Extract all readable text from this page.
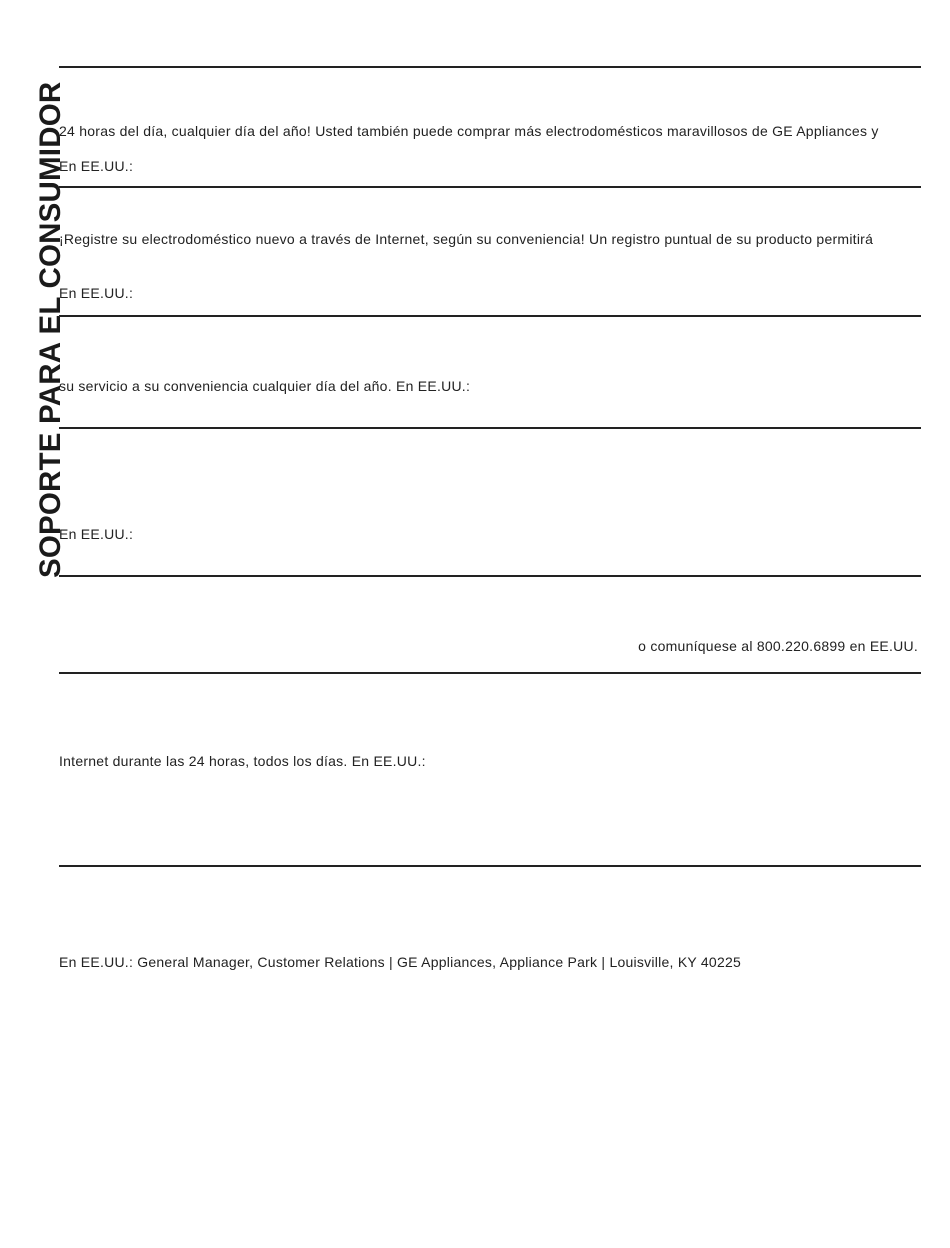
SOPORTE PARA EL CONSUMIDOR
24 horas del día, cualquier día del año! Usted también puede comprar más electrodomésticos maravillosos de GE Appliances y
En EE.UU.:
¡Registre su electrodoméstico nuevo a través de Internet, según su conveniencia! Un registro puntual de su producto permitirá
En EE.UU.:
su servicio a su conveniencia cualquier día del año. En EE.UU.:
En EE.UU.:
o comuníquese al 800.220.6899 en EE.UU.
Internet durante las 24 horas, todos los días. En EE.UU.:
En EE.UU.: General Manager, Customer Relations | GE Appliances, Appliance Park | Louisville, KY 40225
